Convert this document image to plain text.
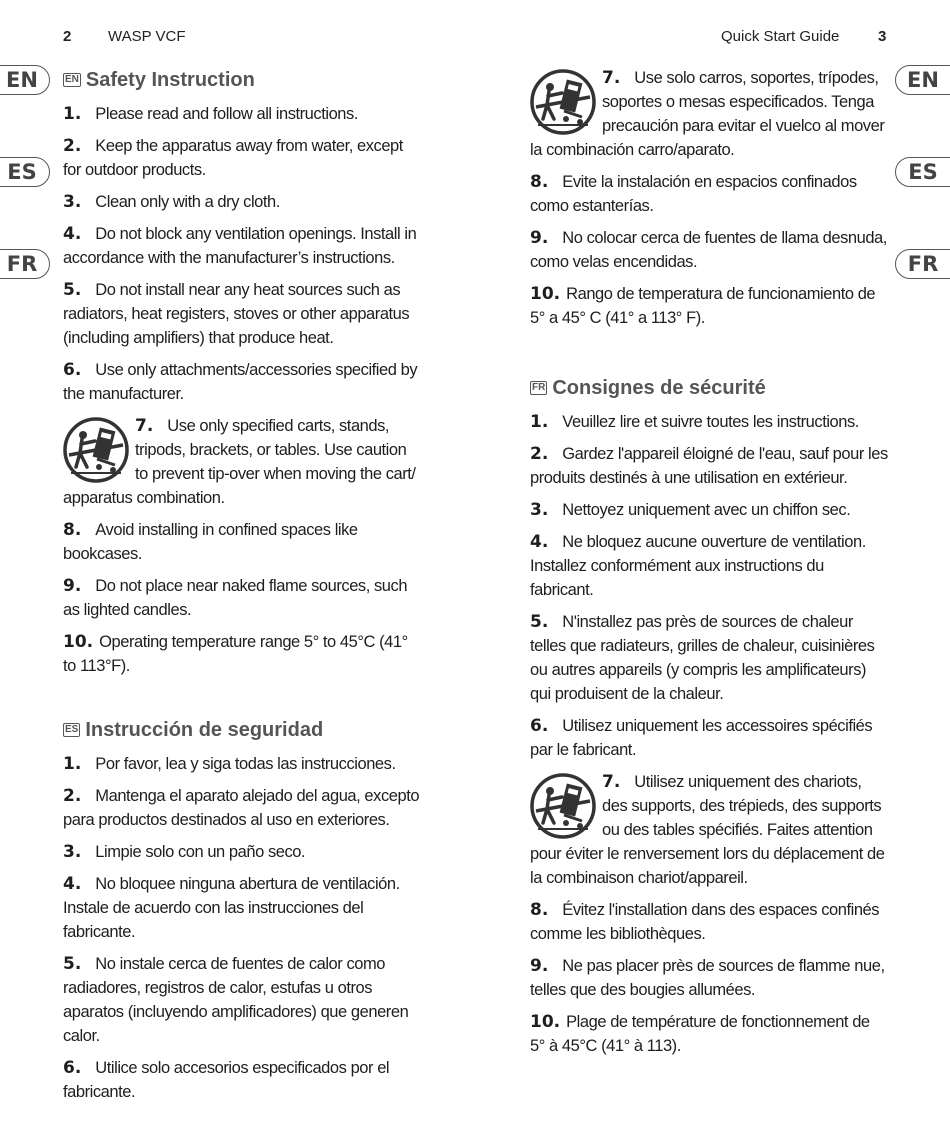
2 WASP VCF	Quick Start Guide	3
EN
ES
FR
EN
ES
FR
EN Safety Instruction
1. Please read and follow all instructions.
2. Keep the apparatus away from water, except for outdoor products.
3. Clean only with a dry cloth.
4. Do not block any ventilation openings. Install in accordance with the manufacturer’s instructions.
5. Do not install near any heat sources such as radiators, heat registers, stoves or other apparatus (including amplifiers) that produce heat.
6. Use only attachments/accessories specified by the manufacturer.
7. Use only specified carts, stands, tripods, brackets, or tables. Use caution to prevent tip-over when moving the cart/ apparatus combination.
8. Avoid installing in confined spaces like bookcases.
9. Do not place near naked flame sources, such as lighted candles.
10. Operating temperature range 5° to 45°C (41° to 113°F).
ES Instrucción de seguridad
1. Por favor, lea y siga todas las instrucciones.
2. Mantenga el aparato alejado del agua, excepto para productos destinados al uso en exteriores.
3. Limpie solo con un paño seco.
4. No bloquee ninguna abertura de ventilación. Instale de acuerdo con las instrucciones del fabricante.
5. No instale cerca de fuentes de calor como radiadores, registros de calor, estufas u otros aparatos (incluyendo amplificadores) que generen calor.
6. Utilice solo accesorios especificados por el fabricante.
7. Use solo carros, soportes, trípodes, soportes o mesas especificados. Tenga precaución para evitar el vuelco al mover la combinación carro/aparato.
8. Evite la instalación en espacios confinados como estanterías.
9. No colocar cerca de fuentes de llama desnuda, como velas encendidas.
10. Rango de temperatura de funcionamiento de 5° a 45° C (41° a 113° F).
FR Consignes de sécurité
1. Veuillez lire et suivre toutes les instructions.
2. Gardez l'appareil éloigné de l'eau, sauf pour les produits destinés à une utilisation en extérieur.
3. Nettoyez uniquement avec un chiffon sec.
4. Ne bloquez aucune ouverture de ventilation. Installez conformément aux instructions du fabricant.
5. N'installez pas près de sources de chaleur telles que radiateurs, grilles de chaleur, cuisinières ou autres appareils (y compris les amplificateurs) qui produisent de la chaleur.
6. Utilisez uniquement les accessoires spécifiés par le fabricant.
7. Utilisez uniquement des chariots, des supports, des trépieds, des supports ou des tables spécifiés. Faites attention pour éviter le renversement lors du déplacement de la combinaison chariot/appareil.
8. Évitez l'installation dans des espaces confinés comme les bibliothèques.
9. Ne pas placer près de sources de flamme nue, telles que des bougies allumées.
10. Plage de température de fonctionnement de 5° à 45°C (41° à 113).
